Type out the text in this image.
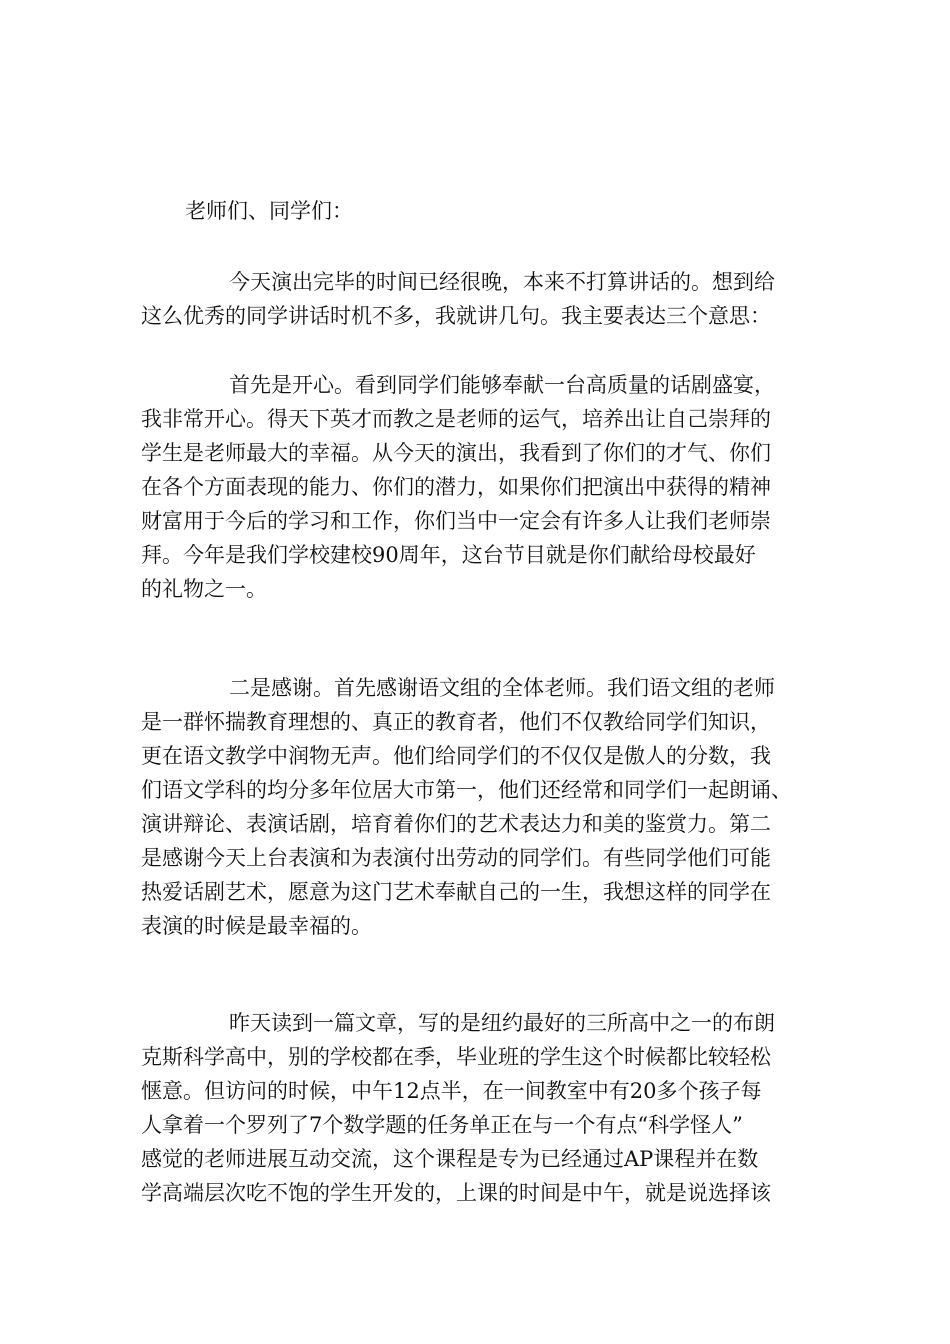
老师们、同学们：
今天演出完毕的时间已经很晚，本来不打算讲话的。想到给
这么优秀的同学讲话时机不多，我就讲几句。我主要表达三个意思：
首先是开心。看到同学们能够奉献一台高质量的话剧盛宴，
我非常开心。得天下英才而教之是老师的运气，培养出让自己崇拜的
学生是老师最大的幸福。从今天的演出，我看到了你们的才气、你们
在各个方面表现的能力、你们的潜力，如果你们把演出中获得的精神
财富用于今后的学习和工作，你们当中一定会有许多人让我们老师崇
拜。今年是我们学校建校90周年，这台节目就是你们献给母校最好
的礼物之一。
二是感谢。首先感谢语文组的全体老师。我们语文组的老师
是一群怀揣教育理想的、真正的教育者，他们不仅教给同学们知识，
更在语文教学中润物无声。他们给同学们的不仅仅是傲人的分数，我
们语文学科的均分多年位居大市第一，他们还经常和同学们一起朗诵、
演讲辩论、表演话剧，培育着你们的艺术表达力和美的鉴赏力。第二
是感谢今天上台表演和为表演付出劳动的同学们。有些同学他们可能
热爱话剧艺术，愿意为这门艺术奉献自己的一生，我想这样的同学在
表演的时候是最幸福的。
昨天读到一篇文章，写的是纽约最好的三所高中之一的布朗
克斯科学高中，别的学校都在季，毕业班的学生这个时候都比较轻松
惬意。但访问的时候，中午12点半，在一间教室中有20多个孩子每
人拿着一个罗列了7个数学题的任务单正在与一个有点“科学怪人”
感觉的老师进展互动交流，这个课程是专为已经通过AP课程并在数
学高端层次吃不饱的学生开发的，上课的时间是中午，就是说选择该
